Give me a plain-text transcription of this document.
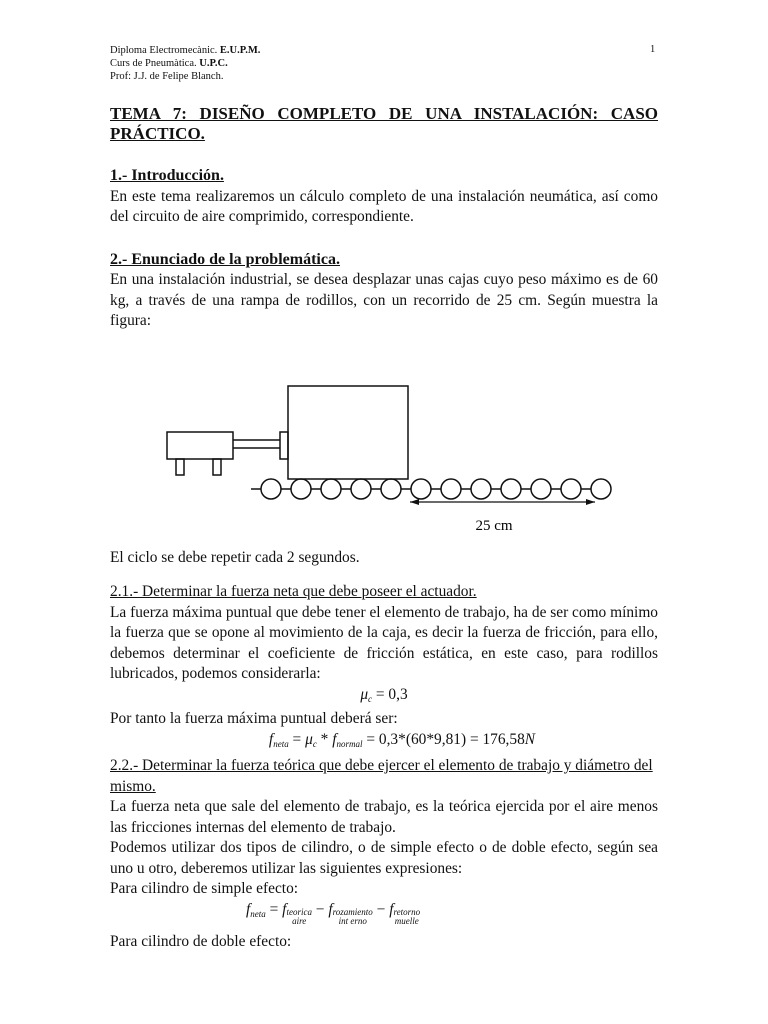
Diploma Electromecànic. E.U.P.M.
Curs de Pneumàtica. U.P.C.
Prof: J.J. de Felipe Blanch.
1
TEMA 7: DISEÑO COMPLETO DE UNA INSTALACIÓN: CASO PRÁCTICO.
1.- Introducción.
En este tema realizaremos un cálculo completo de una instalación neumática, así como del circuito de aire comprimido, correspondiente.
2.- Enunciado de la problemática.
En una instalación industrial, se desea desplazar unas cajas cuyo peso máximo es de 60 kg, a través de una rampa de rodillos, con un recorrido de 25 cm. Según muestra la figura:
25 cm
El ciclo se debe repetir cada 2 segundos.
2.1.- Determinar la fuerza neta que debe poseer el actuador.
La fuerza máxima puntual que debe tener el elemento de trabajo, ha de ser como mínimo la fuerza que se opone al movimiento de la caja, es decir la fuerza de fricción, para ello, debemos determinar el coeficiente de fricción estática, en este caso, para rodillos lubricados, podemos considerarla:
$\mu_c = 0,3$
Por tanto la fuerza máxima puntual deberá ser:
$f_{neta} = \mu_c * f_{normal} = 0,3*(60*9,81) = 176,58N$
2.2.- Determinar la fuerza teórica que debe ejercer el elemento de trabajo y diámetro del mismo.
La fuerza neta que sale del elemento de trabajo, es la teórica ejercida por el aire menos las fricciones internas del elemento de trabajo.
Podemos utilizar dos tipos de cilindro, o de simple efecto o de doble efecto, según sea uno u otro, deberemos utilizar las siguientes expresiones:
Para cilindro de simple efecto:
$f_{neta} = f$ teorica
aire
− f rozamiento
int erno
− f retorno
muelle
Para cilindro de doble efecto:
